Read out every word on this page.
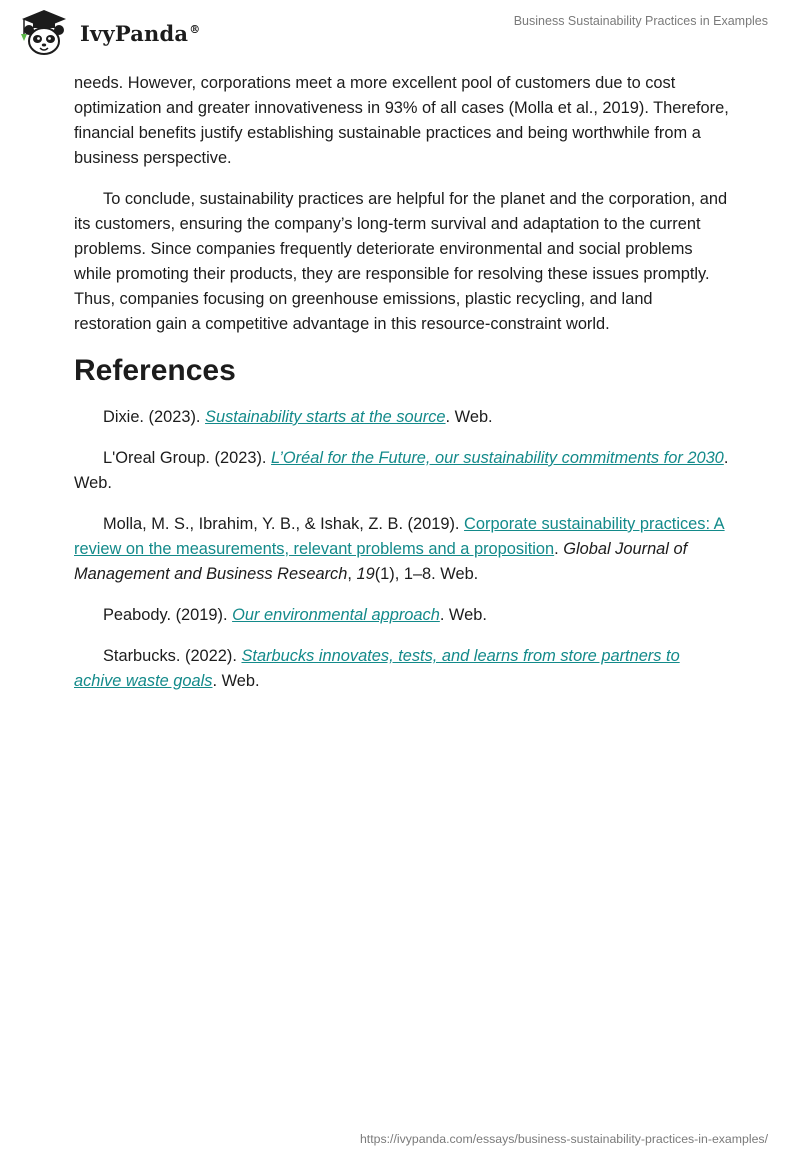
IvyPanda®
Business Sustainability Practices in Examples

needs. However, corporations meet a more excellent pool of customers due to cost optimization and greater innovativeness in 93% of all cases (Molla et al., 2019). Therefore, financial benefits justify establishing sustainable practices and being worthwhile from a business perspective.

To conclude, sustainability practices are helpful for the planet and the corporation, and its customers, ensuring the company’s long-term survival and adaptation to the current problems. Since companies frequently deteriorate environmental and social problems while promoting their products, they are responsible for resolving these issues promptly. Thus, companies focusing on greenhouse emissions, plastic recycling, and land restoration gain a competitive advantage in this resource-constraint world.

References

Dixie. (2023). Sustainability starts at the source. Web.

L'Oreal Group. (2023). L’Oréal for the Future, our sustainability commitments for 2030. Web.

Molla, M. S., Ibrahim, Y. B., & Ishak, Z. B. (2019). Corporate sustainability practices: A review on the measurements, relevant problems and a proposition. Global Journal of Management and Business Research, 19(1), 1–8. Web.

Peabody. (2019). Our environmental approach. Web.

Starbucks. (2022). Starbucks innovates, tests, and learns from store partners to achive waste goals. Web.

https://ivypanda.com/essays/business-sustainability-practices-in-examples/
